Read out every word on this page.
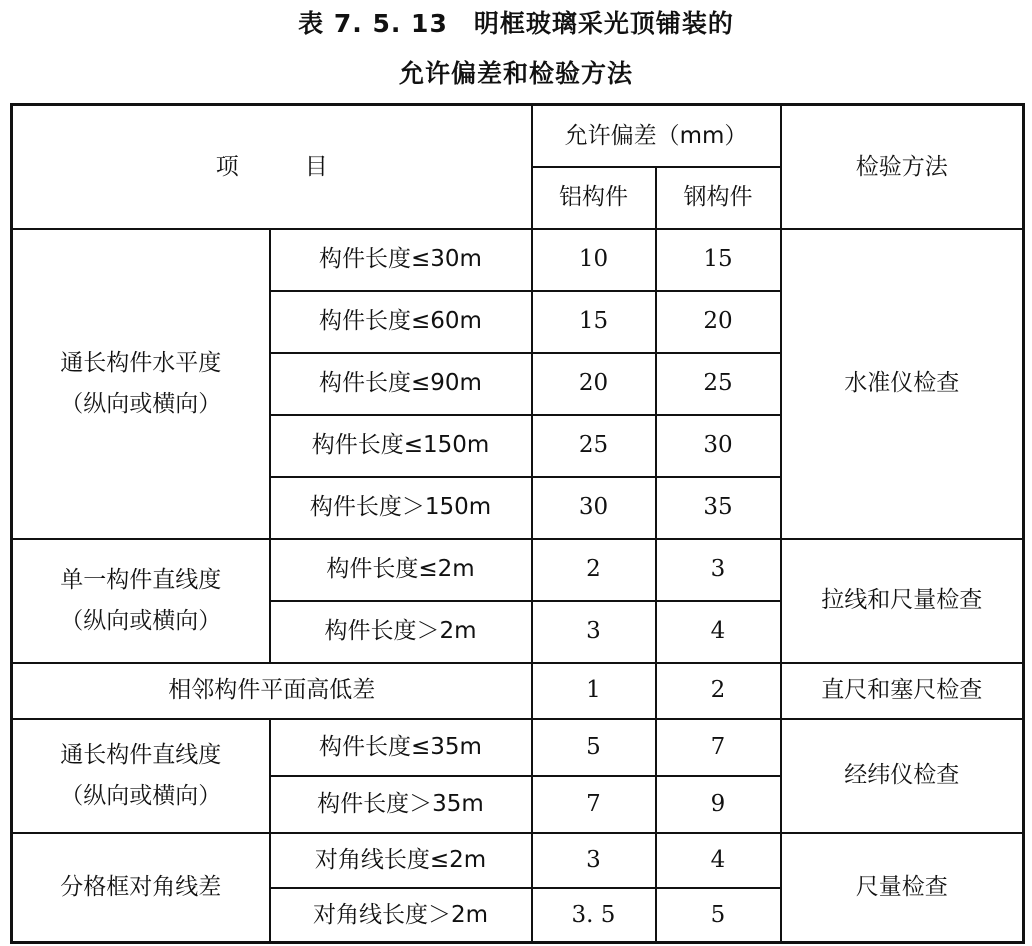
表 7. 5. 13　明框玻璃采光顶铺装的
允许偏差和检验方法
项 目		允许偏差（mm）		检验方法
		铝构件	钢构件	

通长构件水平度
（纵向或横向）	构件长度≤30m	10	15	水准仪检查
	构件长度≤60m	15	20	
	构件长度≤90m	20	25	
	构件长度≤150m	25	30	
	构件长度＞150m	30	35	

单一构件直线度
（纵向或横向）	构件长度≤2m	2	3	拉线和尺量检查
	构件长度＞2m	3	4	
相邻构件平面高低差		1	2	直尺和塞尺检查

通长构件直线度
（纵向或横向）	构件长度≤35m	5	7	经纬仪检查
	构件长度＞35m	7	9	
分格框对角线差	对角线长度≤2m	3	4	尺量检查
	对角线长度＞2m	3. 5	5	
